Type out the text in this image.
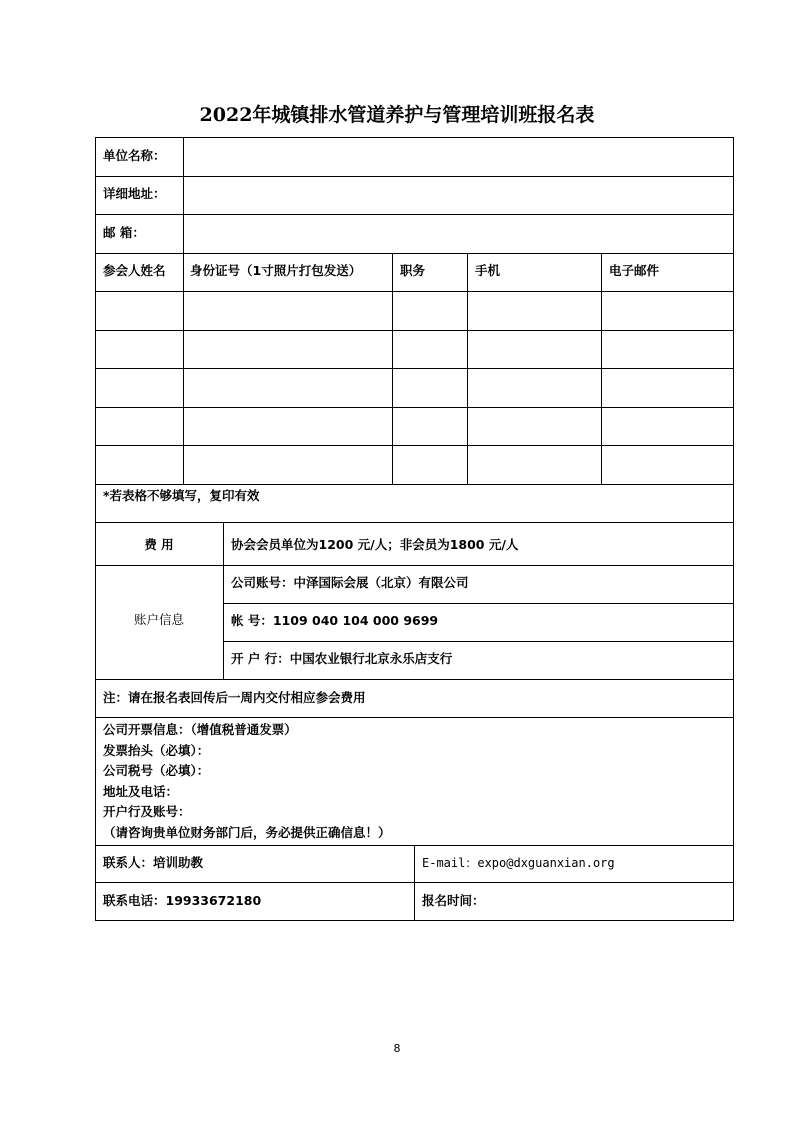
2022年城镇排水管道养护与管理培训班报名表
单位名称：
详细地址：
邮 箱：
参会人姓名 身份证号（1寸照片打包发送）	职务	手机	电子邮件
*若表格不够填写，复印有效
费 用	协会会员单位为1200 元/人；非会员为1800 元/人
账户信息
公司账号：中泽国际会展（北京）有限公司
帐 号：1109 040 104 000 9699
开 户 行：中国农业银行北京永乐店支行
注：请在报名表回传后一周内交付相应参会费用
公司开票信息：（增值税普通发票）
发票抬头（必填）：
公司税号（必填）：
地址及电话：
开户行及账号：
（请咨询贵单位财务部门后，务必提供正确信息！）
联系人：培训助教	E-mail：expo@dxguanxian.org
联系电话：19933672180	报名时间：
8
